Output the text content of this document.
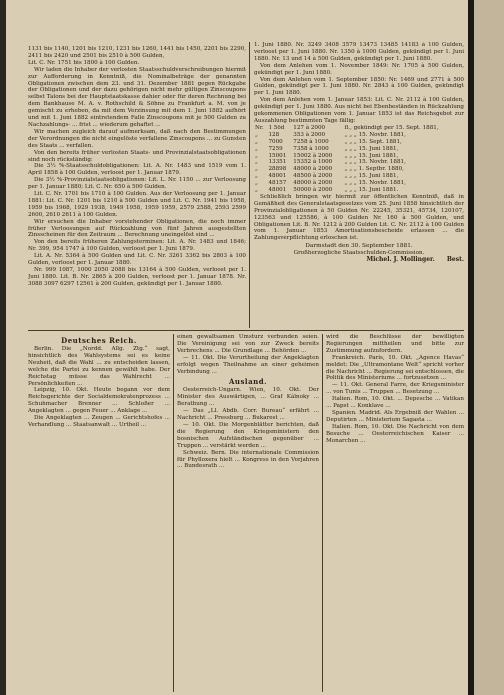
1131 bis 1140, 1201 bis 1210, 1231 bis 1260, 1441 bis 1450, 2201 bis 2290, 2411 bis 2420 und 2501 bis 2510 à 500 Gulden,

Lit. C. Nr. 1751 bis 1800 à 100 Gulden.

Wir laden die Inhaber der verlosten Staatsschuldverschreibungen hiermit zur Aufforderung in Kenntniß, die Nominalbeträge der genannten Obligationen zwischen dem 23. und 31. Dezember 1881 gegen Rückgabe der Obligationen und der dazu gehörigen nicht mehr gültigen Zinscoupons selbst Talons bei der Hauptstaatskasse dahier oder für deren Rechnung bei dem Bankhause M. A. v. Rothschild & Söhne zu Frankfurt a. M. von je gemischt zu erheben, da mit dem Verzinsung mit dem 1. Juni 1882 aufhört und mit 1. Juni 1882 eintretendem Falle Zinscoupons mit je 500 Gulden zu Nachzahlungs- ... frist ... wiederum gehaftet ...

Wir machen zugleich darauf aufmerksam, daß nach den Bestimmungen der Verordnungen die nicht eingelöste verfallene Zinscoupons ... zu Gunsten des Staats ... verfallen.

Von den bereits früher verlosten Staats- und Provinzialstaatsobligationen sind noch rückständig:

Die 3½ %-Staatsschuldobligationen: Lit. A. Nr. 1483 und 1519 vom 1. April 1858 à 100 Gulden, verloost per 1. Januar 1879.

Die 3½ %-Provinzialstaatsobligationen: Lit. L. Nr. 1150 ... zur Verloosung per 1. Januar 1880; Lit. C. Nr. 650 à 500 Gulden.

Lit. C. Nr. 1701 bis 1710 à 100 Gulden. Aus der Verloosung per 1. Januar 1881: Lit. C. Nr. 1201 bis 1210 à 500 Gulden und Lit. C. Nr. 1941 bis 1958, 1959 bis 1968, 1929 1938, 1949 1958, 1959 1959, 2579 2588, 2593 2599 2600, 2610 2611 à 100 Gulden.

Wir ersuchen die Inhaber vorstehender Obligationen, die noch immer früher Verloosungen auf Rückzahlung von fünf Jahren ausgestellten Zinsscheinen für den Zeitraum ... Berechnung uneingelöst sind ...

Von den bereits früheren Zahlungsterminen: Lit. A. Nr. 1483 und 1846; Nr. 399, 954 1747 à 100 Gulden, verloost per 1. Juni 1879.

Lit. A. Nr. 5364 à 500 Gulden und Lit. C. Nr. 3261 3362 bis 2803 à 100 Gulden, verloost per 1. Januar 1880.

Nr. 999 1087, 1000 2050 2088 bis 13164 à 500 Gulden, verloost per 1. Juni 1880. Lit. B. Nr. 2865 à 200 Gulden, verloost per 1. Januar 1878. Nr. 3088 3097 6297 12561 à 200 Gulden, gekündigt per 1. Januar 1880.

1. Juni 1880. Nr. 3249 3408 3579 13473 13485 14183 à 100 Gulden, verloost per 1. Juni 1880. Nr. 1350 à 1000 Gulden, gekündigt per 1. Juni 1880. Nr. 13 und 14 à 500 Gulden, gekündigt per 1. Juni 1880.

Von dem Anlehen vom 1. November 1849: Nr. 1705 à 500 Gulden, gekündigt per 1. Juni 1880.

Von dem Anlehen vom 1. September 1850: Nr. 1469 und 2771 à 500 Gulden, gekündigt per 1. Juni 1880. Nr. 2843 à 100 Gulden, gekündigt per 1. Juni 1880.

Von dem Anlehen vom 1. Januar 1853: Lit. C. Nr. 2112 à 100 Gulden, gekündigt per 1. Juni 1880. Aus nicht bei Ebenbeständen in Rückzahlung gekommenen Obligationen vom 1. Januar 1853 ist das Reichsgebot zur Auszahlung bestimmten Tage fällig:

Nr.	1 5öd	127 à 2000	fl., gekündigt per 15. Sept. 1881,
„	128	353 à 2000	„ „ „ 15. Novbr. 1881,
„	7000	7258 à 1000	„ „ „ 15. Sept. 1881,
„	7259	7358 à 1000	„ „ „ 15. Juni 1881,
„	15001	15002 à 2000	„ „ „ 15. Juni 1881,
„	13351	15352 à 1000	„ „ „ 15. Novbr. 1881,
„	28898	48000 à 2000	„ „ „ 1. Septbr. 1880,
„	48001	48500 à 2000	„ „ „ 15. Juni 1881,
„	48157	48000 à 2000	„ „ „ 15. Novbr. 1881,
„	48001	50000 à 2000	„ „ „ 15. Juni 1881.

Schließlich bringen wir hiermit zur öffentlichen Kenntniß, daß in Gemäßheit des Generalstaatsgesetzes vom 25. Juni 1858 hinsichtlich der Provinzialobligationen à 50 Gulden Nr. 22245, 35321, 45734, 120107, 123563 und 125586, à 100 Gulden Nr. 160 à 500 Gulden, und Obligationen Lit. B. Nr. 1212 à 200 Gulden Lit. C. Nr. 2112 à 100 Gulden vom 1. Januar 1853 Amortisationsbescheide erlassen ... die Zahlungsverpflichtung erloschen ist.

Darmstadt den 30. September 1881.
Großherzogliche Staatsschulden-Commission.
Michel. J. Mollinger. Best.
Deutsches Reich.

Berlin. Die „Nordd. Allg. Ztg.“ sagt, hinsichtlich des Wahlsystems sei es keine Neuheit, daß die Wahl ... zu entscheiden lassen, welche die Partei zu kennen gewählt habe. Der Reichstag müsse das Wahlrecht ... Persönlichkeiten ...

Leipzig, 10. Okt. Heute begann vor dem Reichsgerichte der Socialdemokratenprozess ... Schuhmacher Brenner ... Schloßer ... Angeklagten ... gegen Feuer ... Anklage ...

Die Angeklagten ... Zeugen ... Gerichtshofes ... Verhandlung ... Staatsanwalt ... Urtheil ...

einen gewaltsamen Umsturz verbunden seien. Die Vereinigung sei von zur Zweck bereits Verbrechens ... Die Grundlage ... Behörden ...

— 11. Okt. Die Verurtheilung der Angeklagten erfolgt wegen Theilnahme an einer geheimen Verbindung ...

Ausland.

Oesterreich-Ungarn. Wien, 10. Okt. Der Minister des Auswärtigen, ... Graf Kálnoky ... Berathung ...

— Das „Ll. Abdb. Corr. Bureau“ erfährt ... Nachricht ... Pressburg ... Bukarest ...

— 10. Okt. Die Morgenblätter berichten, daß die Regierung den Kriegsministern den bosnischen Aufständischen gegenüber ... Truppen ... verstärkt werden ...

Schweiz. Bern. Die internationale Commission für Phylloxera hielt ... Kongress in den Vorjahren ... Bundesrath ...

wird die Beschlüsse der bewilligten Regierungen mittheilen und bitte zur Zustimmung aufzufordern.

Frankreich. Paris, 10. Okt. „Agence Havas“ meldet: Die „Ultramontane Welt“ spricht vorher die Nachricht ... Regierung sei entschlossen, die Politik des Ministeriums ... fortzusetzen ...

— 11. Okt. General Farre, der Kriegsminister ... von Tunis ... Truppen ... Besetzung ...

Italien. Rom, 10. Okt. ... Depesche ... Vatikan ... Papst ... Konklave ...

Spanien. Madrid. Als Ergebniß der Wahlen ... Deputirten ... Ministerium Sagasta ...

Italien. Rom, 10. Okt. Die Nachricht von dem Besuche ... Oesterreichischen Kaiser ... Monarchen ...
